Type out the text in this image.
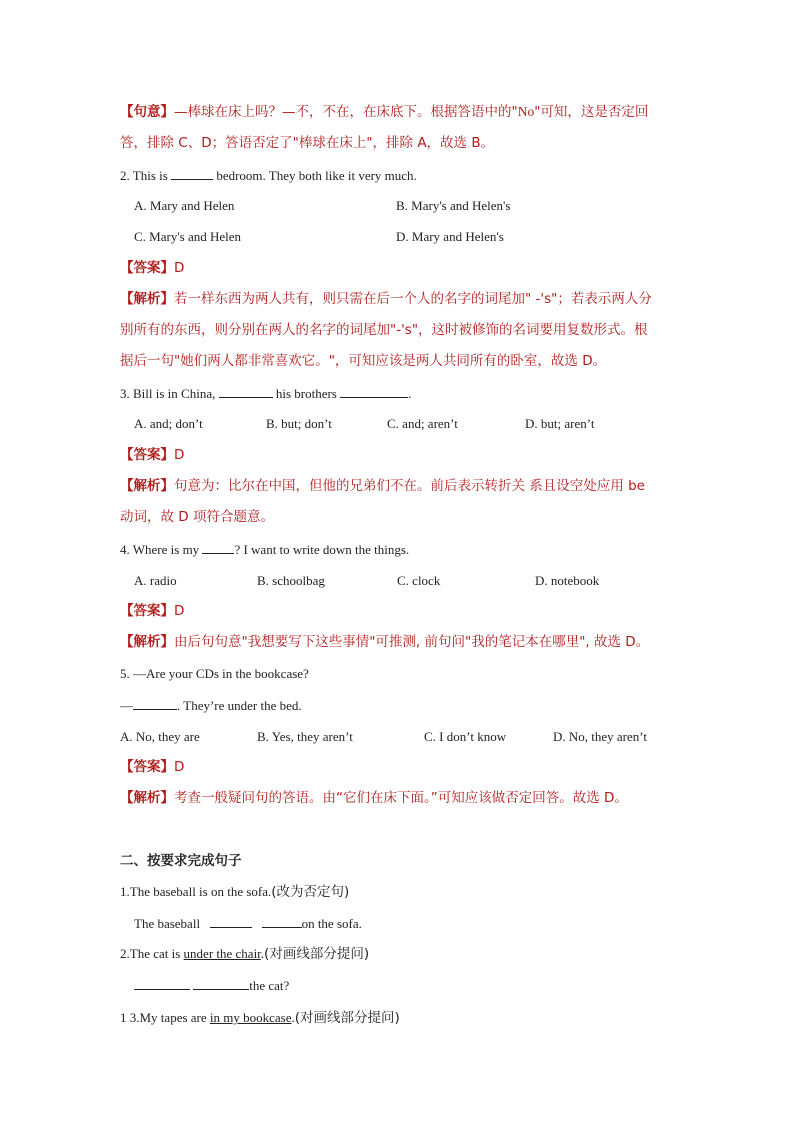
【句意】—棒球在床上吗？—不，不在，在床底下。根据答语中的"No"可知，这是否定回
答，排除 C、D；答语否定了"棒球在床上"，排除 A，故选 B。
2. This is	bedroom. They both like it very much.
A. Mary and Helen	B. Mary's and Helen's
C. Mary's and Helen	D. Mary and Helen's
【答案】D
【解析】若一样东西为两人共有，则只需在后一个人的名字的词尾加" -'s"；若表示两人分
别所有的东西，则分别在两人的名字的词尾加"-'s"，这时被修饰的名词要用复数形式。根
据后一句"她们两人都非常喜欢它。"，可知应该是两人共同所有的卧室，故选 D。
3. Bill is in China,	his brothers	.
A. and; don’t	B. but; don’t	C. and; aren’t	D. but; aren’t
【答案】D
【解析】句意为：比尔在中国，但他的兄弟们不在。前后表示转折关 系且设空处应用 be
动词，故 D 项符合题意。
4. Where is my	? I want to write down the things.
A. radio	B. schoolbag	C. clock	D. notebook
【答案】D
【解析】由后句句意"我想要写下这些事情"可推测, 前句问"我的笔记本在哪里", 故选 D。
5. —Are your CDs in the bookcase?
—	. They’re under the bed.
A. No, they are	B. Yes, they aren’t	C. I don’t know	D. No, they aren’t
【答案】D
【解析】考查一般疑问句的答语。由“它们在床下面。”可知应该做否定回答。故选 D。
二、按要求完成句子
1.The baseball is on the sofa.(改为否定句)
The baseball	on the sofa.
2.The cat is under the chair.(对画线部分提问)
the cat?
1 3.My tapes are in my bookcase.(对画线部分提问)
